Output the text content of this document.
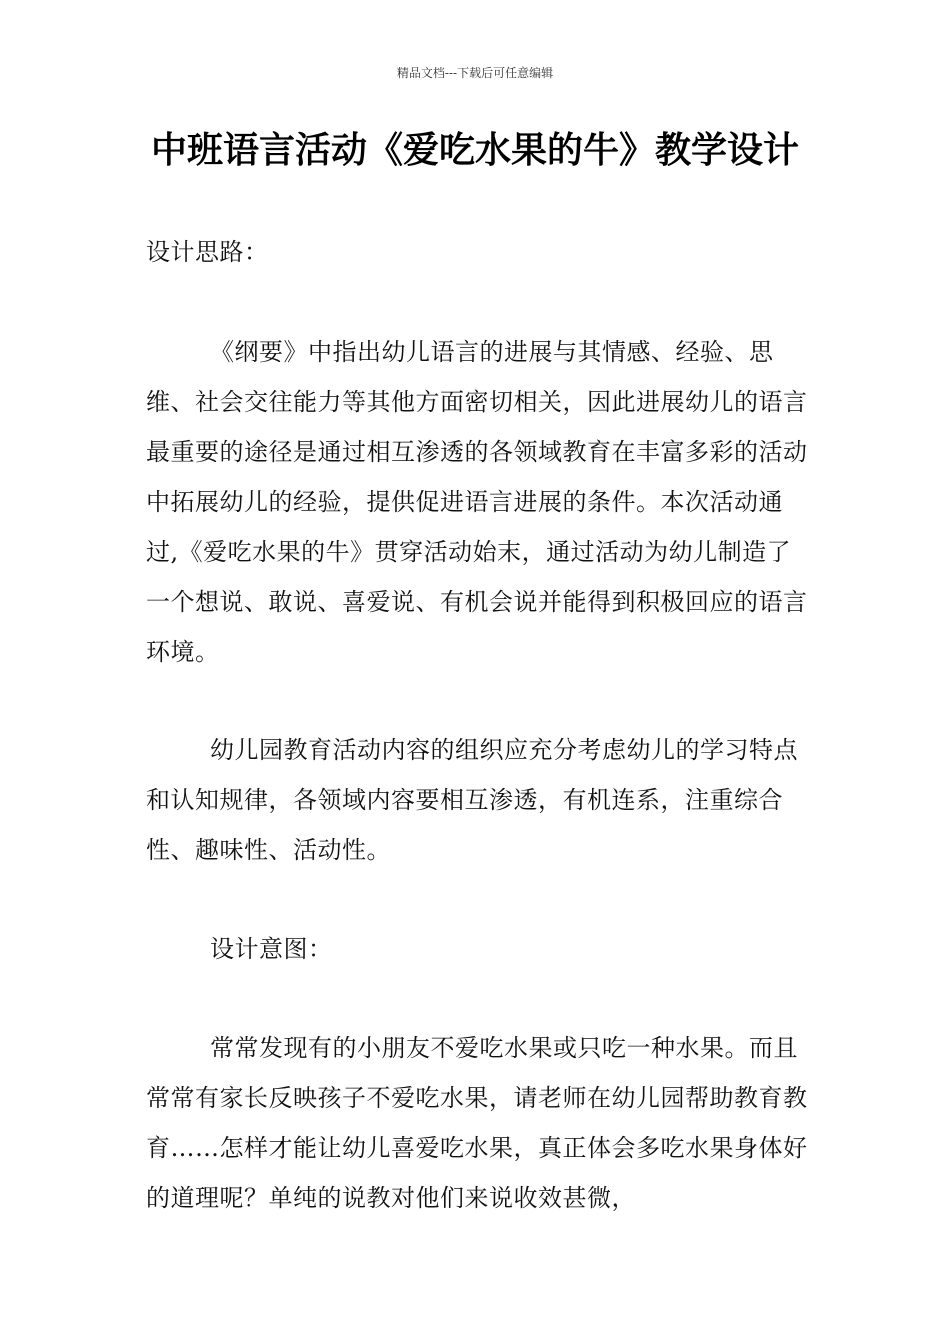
精品文档---下载后可任意编辑
中班语言活动《爱吃水果的牛》教学设计

设计思路：

《纲要》中指出幼儿语言的进展与其情感、经验、思维、社会交往能力等其他方面密切相关，因此进展幼儿的语言最重要的途径是通过相互渗透的各领域教育在丰富多彩的活动中拓展幼儿的经验，提供促进语言进展的条件。本次活动通过,《爱吃水果的牛》贯穿活动始末，通过活动为幼儿制造了一个想说、敢说、喜爱说、有机会说并能得到积极回应的语言环境。

幼儿园教育活动内容的组织应充分考虑幼儿的学习特点和认知规律，各领域内容要相互渗透，有机连系，注重综合性、趣味性、活动性。

设计意图：

常常发现有的小朋友不爱吃水果或只吃一种水果。而且常常有家长反映孩子不爱吃水果，请老师在幼儿园帮助教育教育……怎样才能让幼儿喜爱吃水果，真正体会多吃水果身体好的道理呢？单纯的说教对他们来说收效甚微，
